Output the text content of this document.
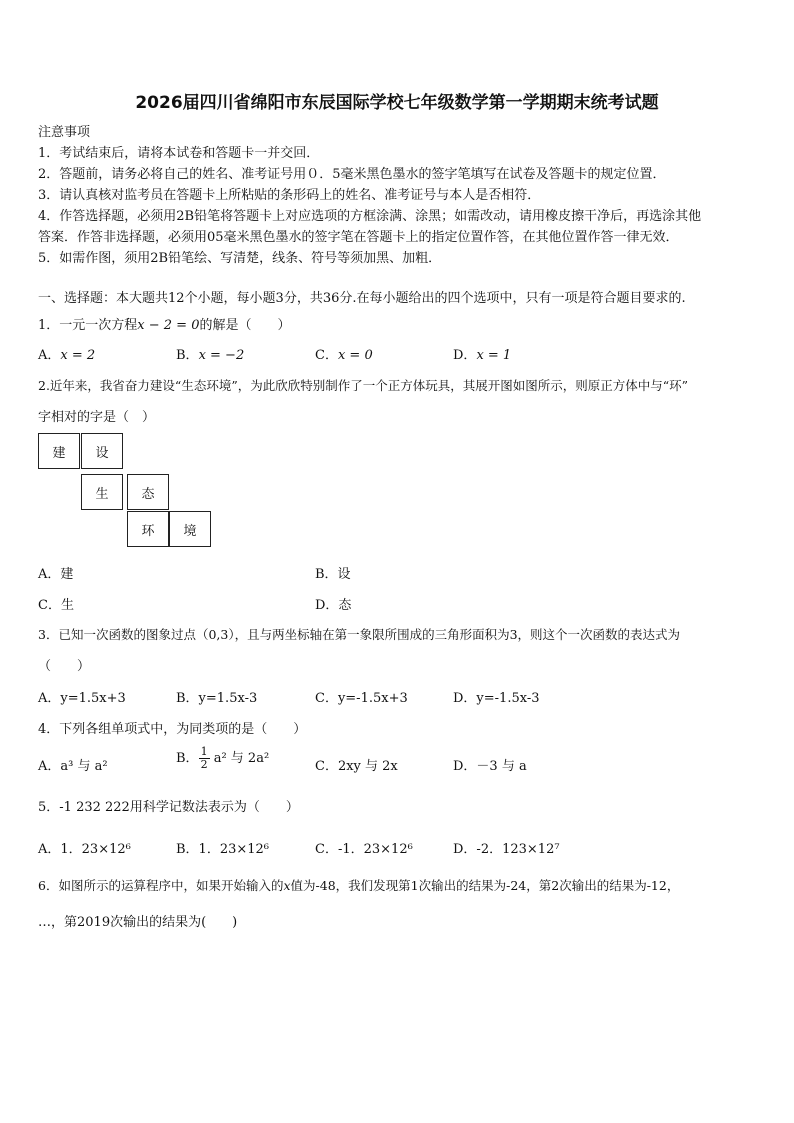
2026届四川省绵阳市东辰国际学校七年级数学第一学期期末统考试题
注意事项
1．考试结束后，请将本试卷和答题卡一并交回．
2．答题前，请务必将自己的姓名、准考证号用０．5毫米黑色墨水的签字笔填写在试卷及答题卡的规定位置．
3．请认真核对监考员在答题卡上所粘贴的条形码上的姓名、准考证号与本人是否相符．
4．作答选择题，必须用2B铅笔将答题卡上对应选项的方框涂满、涂黑；如需改动，请用橡皮擦干净后，再选涂其他
答案．作答非选择题，必须用05毫米黑色墨水的签字笔在答题卡上的指定位置作答，在其他位置作答一律无效．
5．如需作图，须用2B铅笔绘、写清楚，线条、符号等须加黑、加粗．
一、选择题：本大题共12个小题，每小题3分，共36分.在每小题给出的四个选项中，只有一项是符合题目要求的.
1．一元一次方程x − 2 = 0的解是（　　）
A．x = 2	B．x = −2	C．x = 0	D．x = 1
2.近年来，我省奋力建设“生态环境”，为此欣欣特别制作了一个正方体玩具，其展开图如图所示，则原正方体中与“环”
字相对的字是（　）
建	设
生	态
环	境
A．建	B．设
C．生	D．态
3．已知一次函数的图象过点（0,3），且与两坐标轴在第一象限所围成的三角形面积为3，则这个一次函数的表达式为
（　　）
A．y=1.5x+3	B．y=1.5x-3	C．y=-1.5x+3	D．y=-1.5x-3
4．下列各组单项式中，为同类项的是（　　）
A．a³ 与 a²
B． $\frac{1}{2} a^2$ 与 2a²
C．2xy 与 2x	D．－3 与 a
5．-1 232 222用科学记数法表示为（　　）
A．1．23×12⁶	B．1．23×12⁶	C．-1．23×12⁶	D．-2．123×12⁷
6．如图所示的运算程序中，如果开始输入的x值为-48，我们发现第1次输出的结果为-24，第2次输出的结果为-12，
…，第2019次输出的结果为(　　)
